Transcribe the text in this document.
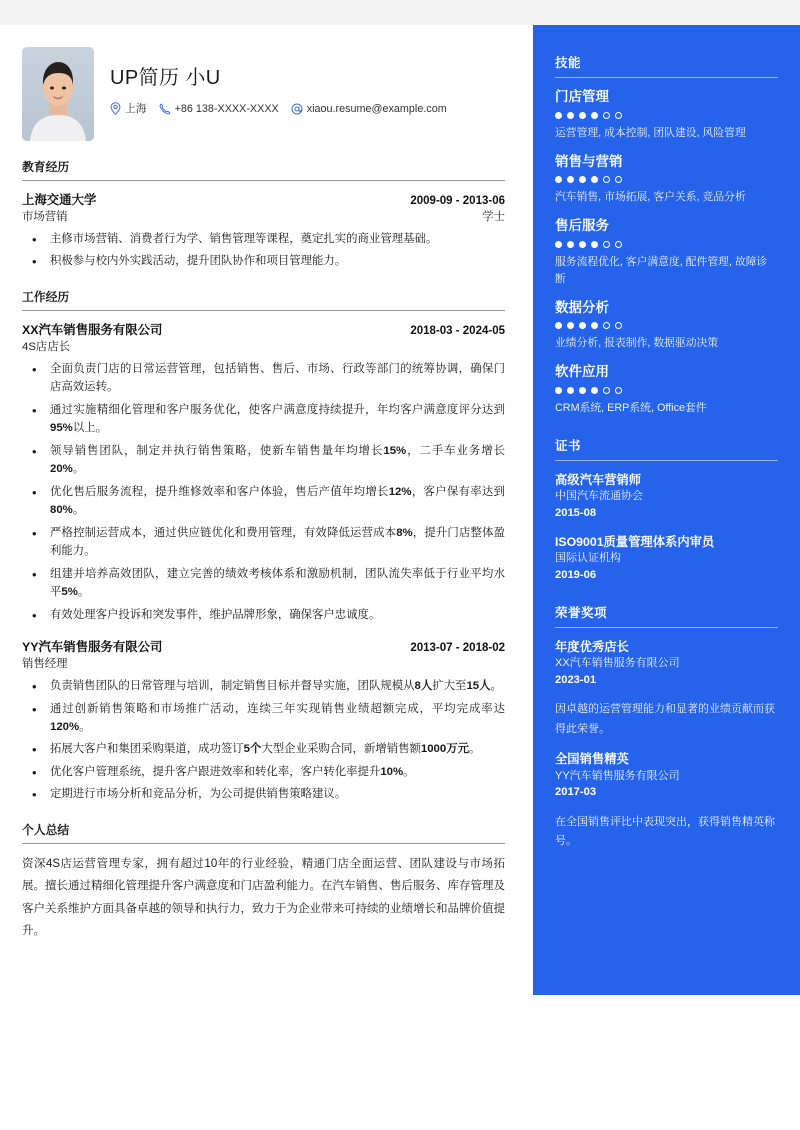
UP简历 小U
上海	+86 138-XXXX-XXXX	xiaou.resume@example.com
教育经历
上海交通大学	2009-09 - 2013-06
市场营销	学士
• 主修市场营销、消费者行为学、销售管理等课程，奠定扎实的商业管理基础。
• 积极参与校内外实践活动，提升团队协作和项目管理能力。
工作经历
XX汽车销售服务有限公司	2018-03 - 2024-05
4S店店长
• 全面负责门店的日常运营管理，包括销售、售后、市场、行政等部门的统筹协调，确保门店高效运转。
• 通过实施精细化管理和客户服务优化，使客户满意度持续提升，年均客户满意度评分达到95%以上。
• 领导销售团队，制定并执行销售策略，使新车销售量年均增长15%，二手车业务增长20%。
• 优化售后服务流程，提升维修效率和客户体验，售后产值年均增长12%，客户保有率达到80%。
• 严格控制运营成本，通过供应链优化和费用管理，有效降低运营成本8%，提升门店整体盈利能力。
• 组建并培养高效团队，建立完善的绩效考核体系和激励机制，团队流失率低于行业平均水平5%。
• 有效处理客户投诉和突发事件，维护品牌形象，确保客户忠诚度。
YY汽车销售服务有限公司	2013-07 - 2018-02
销售经理
• 负责销售团队的日常管理与培训，制定销售目标并督导实施，团队规模从8人扩大至15人。
• 通过创新销售策略和市场推广活动，连续三年实现销售业绩超额完成，平均完成率达120%。
• 拓展大客户和集团采购渠道，成功签订5个大型企业采购合同，新增销售额1000万元。
• 优化客户管理系统，提升客户跟进效率和转化率，客户转化率提升10%。
• 定期进行市场分析和竞品分析，为公司提供销售策略建议。
个人总结
资深4S店运营管理专家，拥有超过10年的行业经验，精通门店全面运营、团队建设与市场拓展。擅长通过精细化管理提升客户满意度和门店盈利能力。在汽车销售、售后服务、库存管理及客户关系维护方面具备卓越的领导和执行力，致力于为企业带来可持续的业绩增长和品牌价值提升。
技能
门店管理
运营管理, 成本控制, 团队建设, 风险管理
销售与营销
汽车销售, 市场拓展, 客户关系, 竞品分析
售后服务
服务流程优化, 客户满意度, 配件管理, 故障诊断
数据分析
业绩分析, 报表制作, 数据驱动决策
软件应用
CRM系统, ERP系统, Office套件
证书
高级汽车营销师
中国汽车流通协会
2015-08
ISO9001质量管理体系内审员
国际认证机构
2019-06
荣誉奖项
年度优秀店长
XX汽车销售服务有限公司
2023-01
因卓越的运营管理能力和显著的业绩贡献而获得此荣誉。
全国销售精英
YY汽车销售服务有限公司
2017-03
在全国销售评比中表现突出，获得销售精英称号。
